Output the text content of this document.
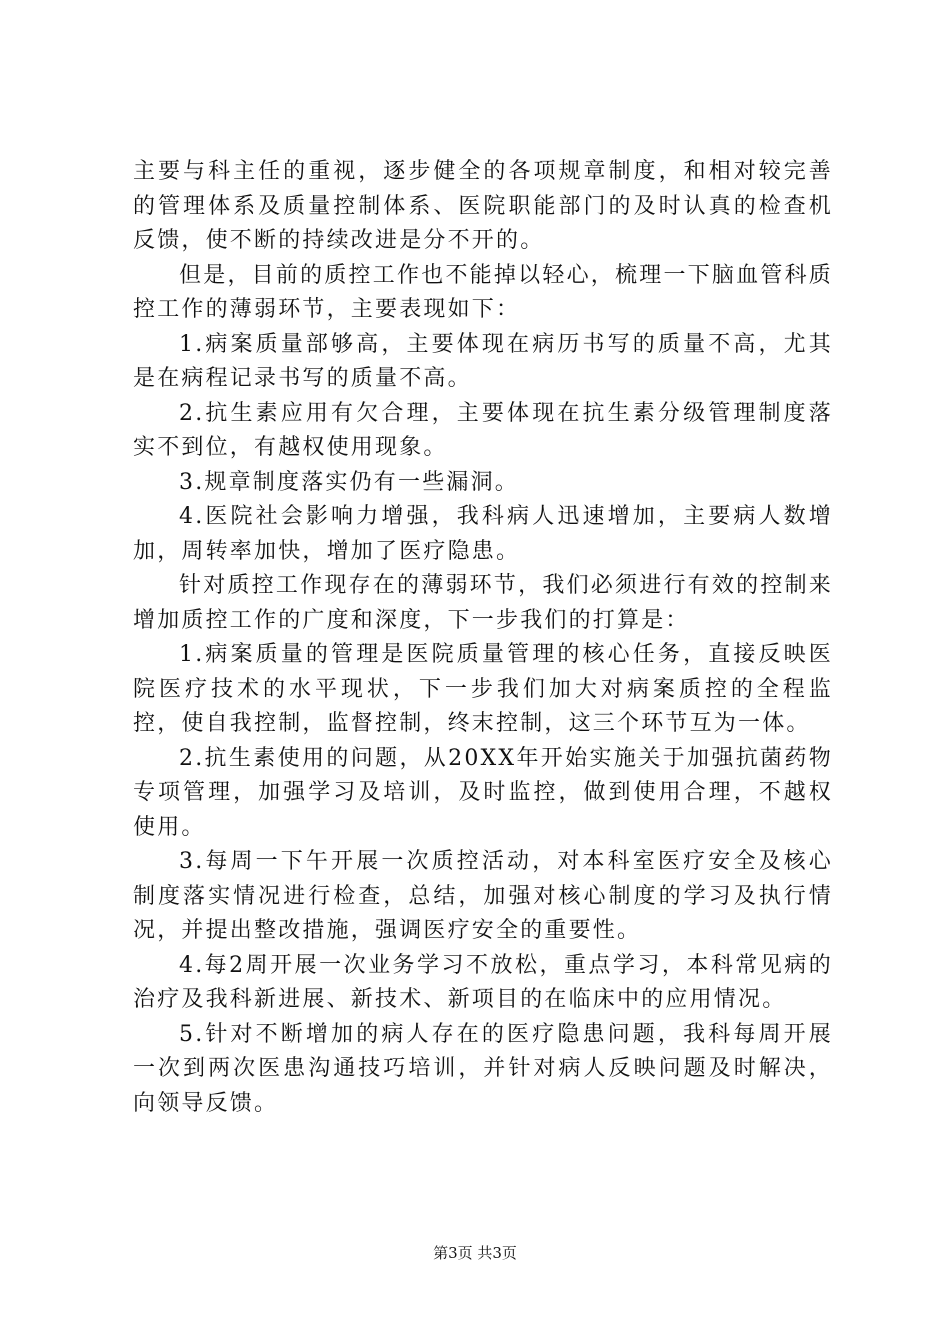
主要与科主任的重视，逐步健全的各项规章制度，和相对较完善的管理体系及质量控制体系、医院职能部门的及时认真的检查机反馈，使不断的持续改进是分不开的。

但是，目前的质控工作也不能掉以轻心，梳理一下脑血管科质控工作的薄弱环节，主要表现如下：

1.病案质量部够高，主要体现在病历书写的质量不高，尤其是在病程记录书写的质量不高。

2.抗生素应用有欠合理，主要体现在抗生素分级管理制度落实不到位，有越权使用现象。

3.规章制度落实仍有一些漏洞。

4.医院社会影响力增强，我科病人迅速增加，主要病人数增加，周转率加快，增加了医疗隐患。

针对质控工作现存在的薄弱环节，我们必须进行有效的控制来增加质控工作的广度和深度，下一步我们的打算是：

1.病案质量的管理是医院质量管理的核心任务，直接反映医院医疗技术的水平现状，下一步我们加大对病案质控的全程监控，使自我控制，监督控制，终末控制，这三个环节互为一体。

2.抗生素使用的问题，从20XX年开始实施关于加强抗菌药物专项管理，加强学习及培训，及时监控，做到使用合理，不越权使用。

3.每周一下午开展一次质控活动，对本科室医疗安全及核心制度落实情况进行检查，总结，加强对核心制度的学习及执行情况，并提出整改措施，强调医疗安全的重要性。

4.每2周开展一次业务学习不放松，重点学习，本科常见病的治疗及我科新进展、新技术、新项目的在临床中的应用情况。

5.针对不断增加的病人存在的医疗隐患问题，我科每周开展一次到两次医患沟通技巧培训，并针对病人反映问题及时解决，向领导反馈。

第3页 共3页
